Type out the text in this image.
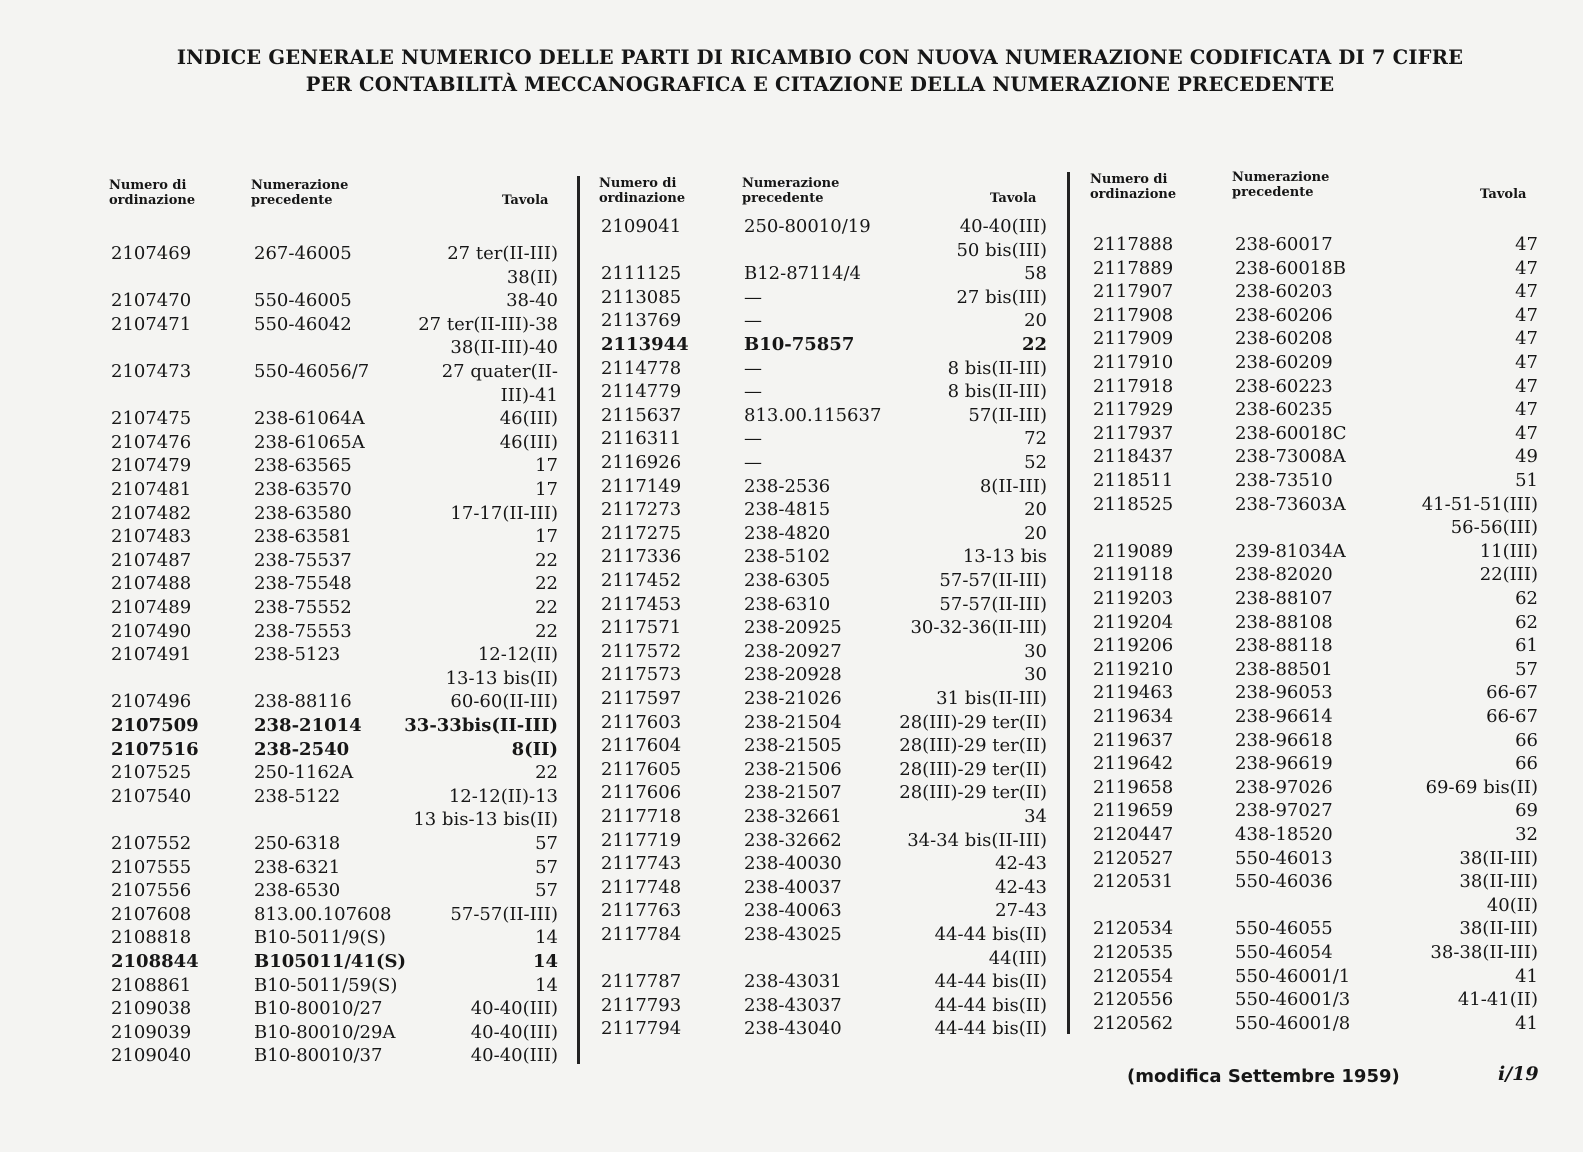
INDICE GENERALE NUMERICO DELLE PARTI DI RICAMBIO CON NUOVA NUMERAZIONE CODIFICATA DI 7 CIFRE
PER CONTABILITÀ MECCANOGRAFICA E CITAZIONE DELLA NUMERAZIONE PRECEDENTE
Numero di
ordinazione
Numerazione
precedente	Tavola
Numero di
ordinazione
Numerazione
precedente	Tavola
Numero di
ordinazione
Numerazione
precedente	Tavola
2107469	267-46005	27 ter(II-III)
38(II)
2107470	550-46005	38-40
2107471	550-46042	27 ter(II-III)-38
38(II-III)-40
2107473	550-46056/7	27 quater(II-
III)-41
2107475	238-61064A	46(III)
2107476	238-61065A	46(III)
2107479	238-63565	17
2107481	238-63570	17
2107482	238-63580	17-17(II-III)
2107483	238-63581	17
2107487	238-75537	22
2107488	238-75548	22
2107489	238-75552	22
2107490	238-75553	22
2107491	238-5123	12-12(II)
13-13 bis(II)
2107496	238-88116	60-60(II-III)
2107509	238-21014 33-33bis(II-III)
2107516	238-2540	8(II)
2107525	250-1162A	22
2107540	238-5122	12-12(II)-13
13 bis-13 bis(II)
2107552	250-6318	57
2107555	238-6321	57
2107556	238-6530	57
2107608	813.00.107608	57-57(II-III)
2108818	B10-5011/9(S)	14
2108844	B105011/41(S)	14
2108861	B10-5011/59(S)	14
2109038	B10-80010/27	40-40(III)
2109039	B10-80010/29A	40-40(III)
2109040	B10-80010/37	40-40(III)
2109041	250-80010/19	40-40(III)
50 bis(III)
2111125	B12-87114/4	58
2113085	—	27 bis(III)
2113769	—	20
2113944	B10-75857	22
2114778	—	8 bis(II-III)
2114779	—	8 bis(II-III)
2115637	813.00.115637	57(II-III)
2116311	—	72
2116926	—	52
2117149	238-2536	8(II-III)
2117273	238-4815	20
2117275	238-4820	20
2117336	238-5102	13-13 bis
2117452	238-6305	57-57(II-III)
2117453	238-6310	57-57(II-III)
2117571	238-20925	30-32-36(II-III)
2117572	238-20927	30
2117573	238-20928	30
2117597	238-21026	31 bis(II-III)
2117603	238-21504	28(III)-29 ter(II)
2117604	238-21505	28(III)-29 ter(II)
2117605	238-21506	28(III)-29 ter(II)
2117606	238-21507	28(III)-29 ter(II)
2117718	238-32661	34
2117719	238-32662	34-34 bis(II-III)
2117743	238-40030	42-43
2117748	238-40037	42-43
2117763	238-40063	27-43
2117784	238-43025	44-44 bis(II)
44(III)
2117787	238-43031	44-44 bis(II)
2117793	238-43037	44-44 bis(II)
2117794	238-43040	44-44 bis(II)
2117888	238-60017	47
2117889	238-60018B	47
2117907	238-60203	47
2117908	238-60206	47
2117909	238-60208	47
2117910	238-60209	47
2117918	238-60223	47
2117929	238-60235	47
2117937	238-60018C	47
2118437	238-73008A	49
2118511	238-73510	51
2118525	238-73603A	41-51-51(III)
56-56(III)
2119089	239-81034A	11(III)
2119118	238-82020	22(III)
2119203	238-88107	62
2119204	238-88108	62
2119206	238-88118	61
2119210	238-88501	57
2119463	238-96053	66-67
2119634	238-96614	66-67
2119637	238-96618	66
2119642	238-96619	66
2119658	238-97026	69-69 bis(II)
2119659	238-97027	69
2120447	438-18520	32
2120527	550-46013	38(II-III)
2120531	550-46036	38(II-III)
40(II)
2120534	550-46055	38(II-III)
2120535	550-46054	38-38(II-III)
2120554	550-46001/1	41
2120556	550-46001/3	41-41(II)
2120562	550-46001/8	41
(modifica Settembre 1959)	i/19
